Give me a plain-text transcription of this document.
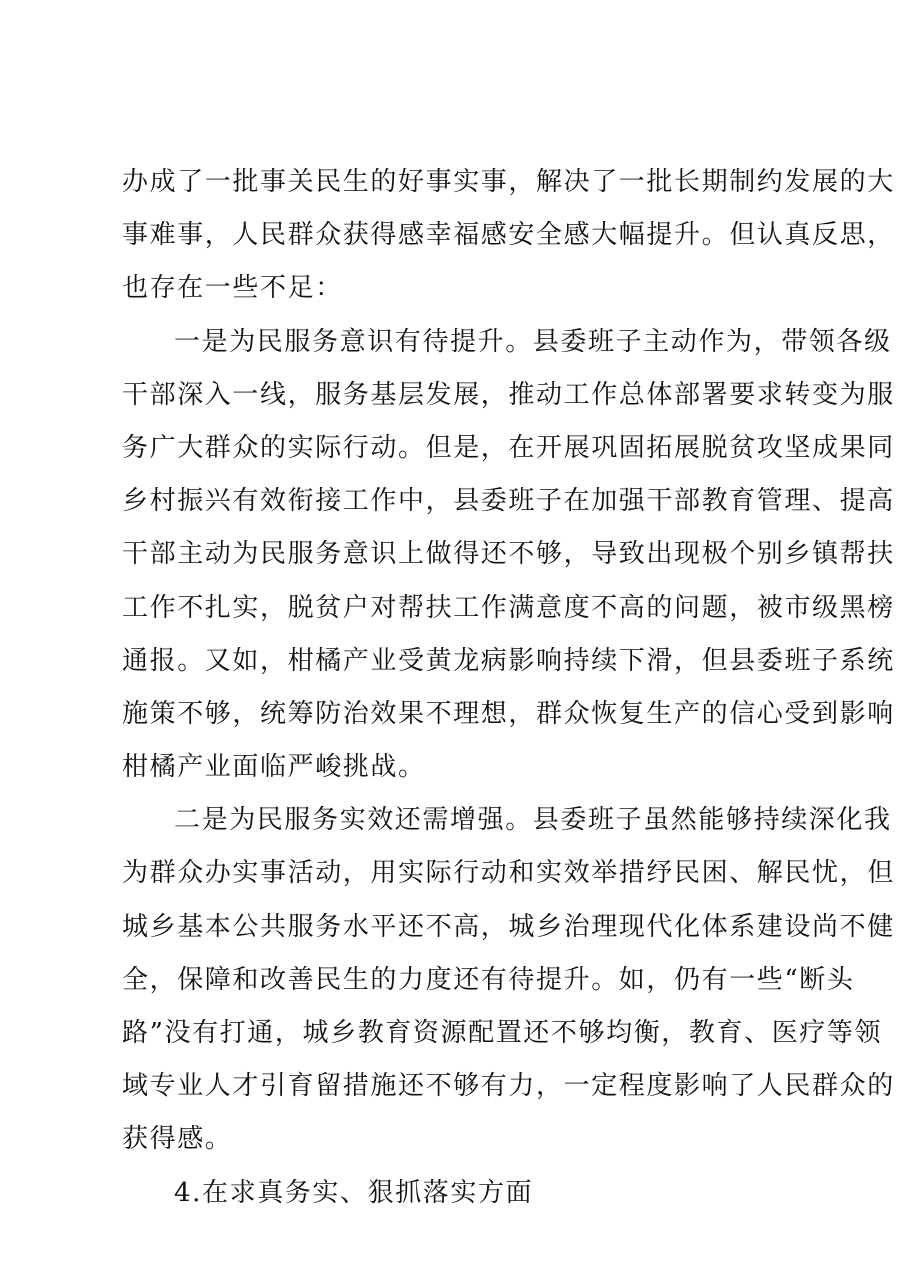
办成了一批事关民生的好事实事，解决了一批长期制约发展的大
事难事，人民群众获得感幸福感安全感大幅提升。但认真反思，
也存在一些不足：
一是为民服务意识有待提升。县委班子主动作为，带领各级
干部深入一线，服务基层发展，推动工作总体部署要求转变为服
务广大群众的实际行动。但是，在开展巩固拓展脱贫攻坚成果同
乡村振兴有效衔接工作中，县委班子在加强干部教育管理、提高
干部主动为民服务意识上做得还不够，导致出现极个别乡镇帮扶
工作不扎实，脱贫户对帮扶工作满意度不高的问题，被市级黑榜
通报。又如，柑橘产业受黄龙病影响持续下滑，但县委班子系统
施策不够，统筹防治效果不理想，群众恢复生产的信心受到影响
柑橘产业面临严峻挑战。
二是为民服务实效还需增强。县委班子虽然能够持续深化我
为群众办实事活动，用实际行动和实效举措纾民困、解民忧，但
城乡基本公共服务水平还不高，城乡治理现代化体系建设尚不健
全，保障和改善民生的力度还有待提升。如，仍有一些“断头
路”没有打通，城乡教育资源配置还不够均衡，教育、医疗等领
域专业人才引育留措施还不够有力，一定程度影响了人民群众的
获得感。
4.在求真务实、狠抓落实方面
